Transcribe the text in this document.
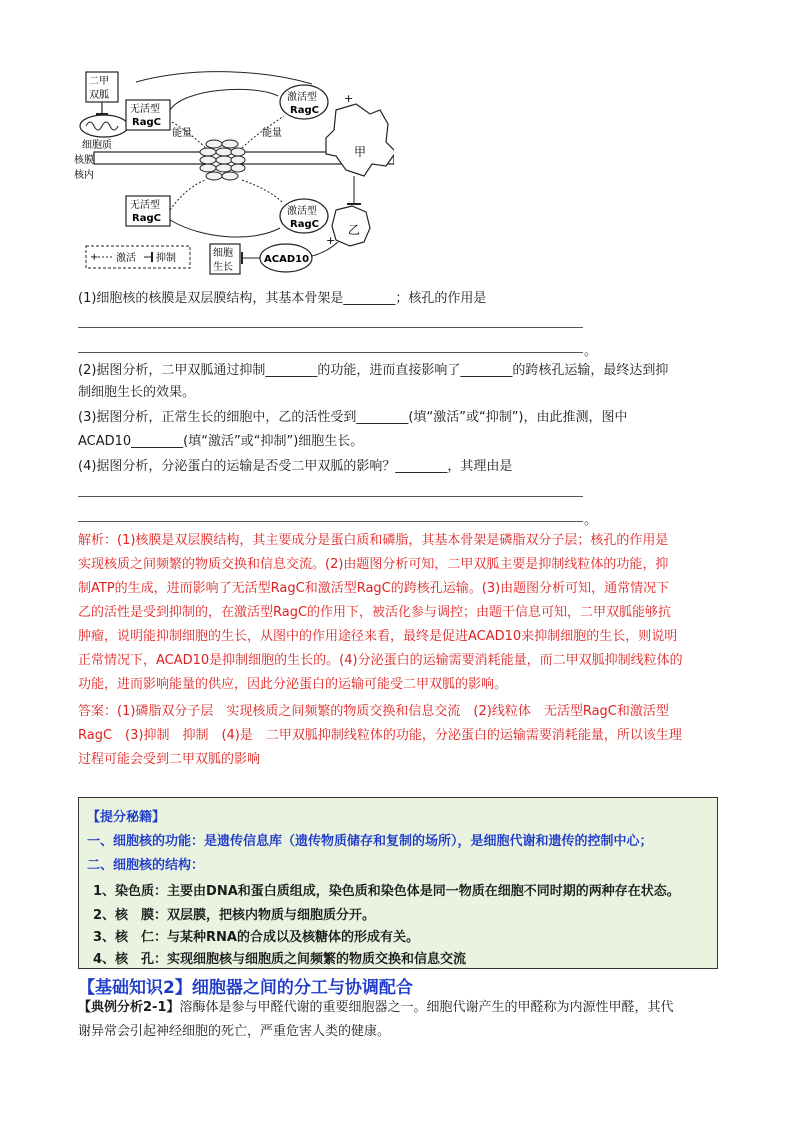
二甲
双胍
细胞质
核膜
核内
无活型
RagC
激活型
RagC
能量	能量
+
甲
无活型
RagC
激活型
RagC 乙
ACAD10
+
细胞
生长
+ 激活 抑制
(1)细胞核的核膜是双层膜结构，其基本骨架是________；核孔的作用是
。
(2)据图分析，二甲双胍通过抑制________的功能，进而直接影响了________的跨核孔运输，最终达到抑
制细胞生长的效果。
(3)据图分析，正常生长的细胞中，乙的活性受到________(填“激活”或“抑制”)，由此推测，图中
ACAD10________(填“激活”或“抑制”)细胞生长。
(4)据图分析，分泌蛋白的运输是否受二甲双胍的影响？________，其理由是
。
解析：(1)核膜是双层膜结构，其主要成分是蛋白质和磷脂，其基本骨架是磷脂双分子层；核孔的作用是
实现核质之间频繁的物质交换和信息交流。(2)由题图分析可知，二甲双胍主要是抑制线粒体的功能，抑
制ATP的生成，进而影响了无活型RagC和激活型RagC的跨核孔运输。(3)由题图分析可知，通常情况下
乙的活性是受到抑制的，在激活型RagC的作用下，被活化参与调控；由题干信息可知，二甲双胍能够抗
肿瘤，说明能抑制细胞的生长，从图中的作用途径来看，最终是促进ACAD10来抑制细胞的生长，则说明
正常情况下，ACAD10是抑制细胞的生长的。(4)分泌蛋白的运输需要消耗能量，而二甲双胍抑制线粒体的
功能，进而影响能量的供应，因此分泌蛋白的运输可能受二甲双胍的影响。
答案：(1)磷脂双分子层　实现核质之间频繁的物质交换和信息交流　(2)线粒体　无活型RagC和激活型
RagC　(3)抑制　抑制　(4)是　二甲双胍抑制线粒体的功能，分泌蛋白的运输需要消耗能量，所以该生理
过程可能会受到二甲双胍的影响
【提分秘籍】
一、细胞核的功能：是遗传信息库（遗传物质储存和复制的场所），是细胞代谢和遗传的控制中心；
二、细胞核的结构：
1、染色质：主要由DNA和蛋白质组成，染色质和染色体是同一物质在细胞不同时期的两种存在状态。
2、核　膜：双层膜，把核内物质与细胞质分开。
3、核　仁：与某种RNA的合成以及核糖体的形成有关。
4、核　孔：实现细胞核与细胞质之间频繁的物质交换和信息交流
【基础知识2】细胞器之间的分工与协调配合
【典例分析2-1】溶酶体是参与甲醛代谢的重要细胞器之一。细胞代谢产生的甲醛称为内源性甲醛，其代
谢异常会引起神经细胞的死亡，严重危害人类的健康。
